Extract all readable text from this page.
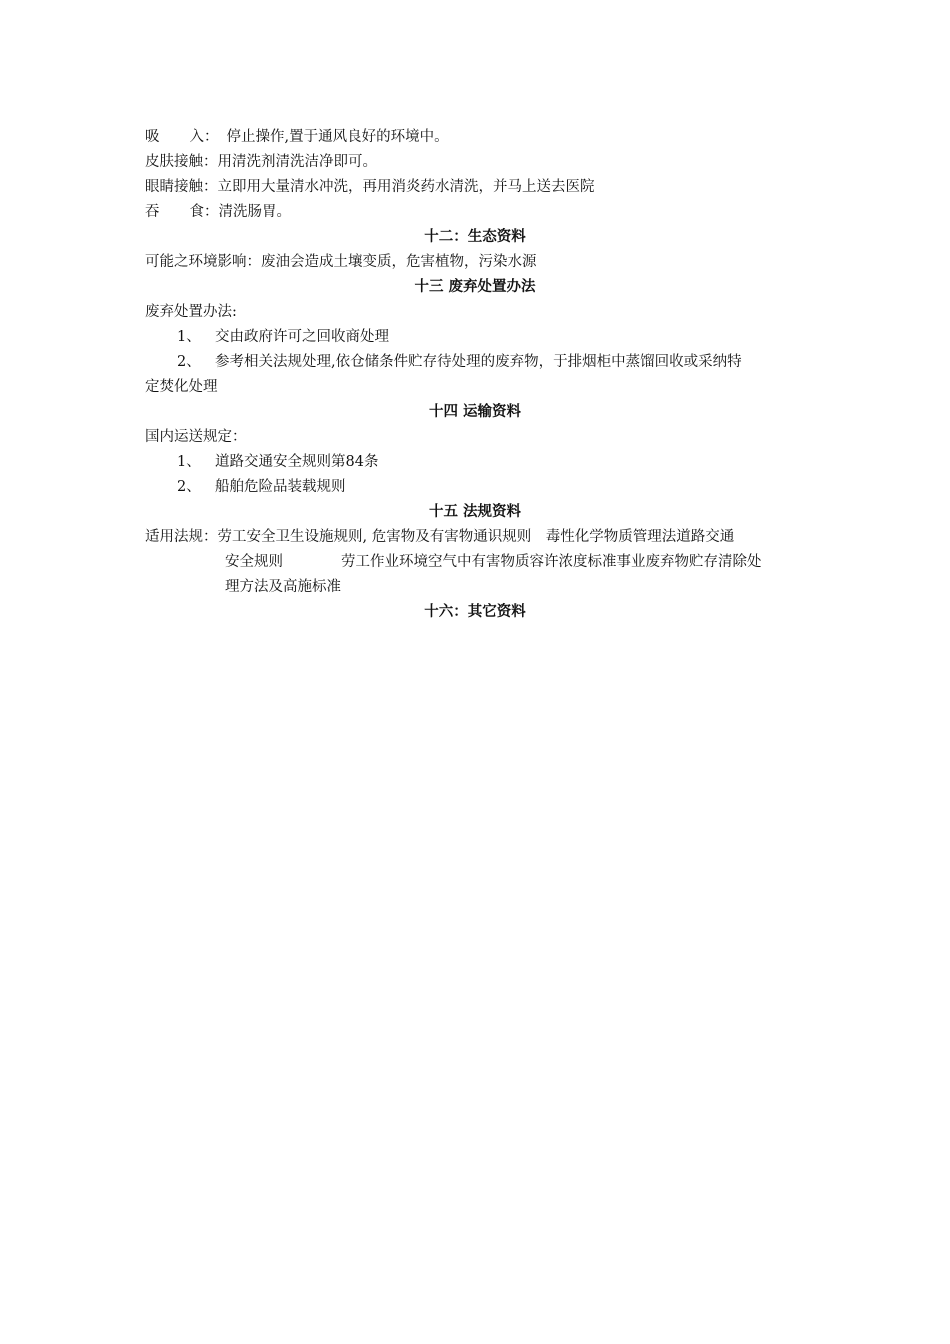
吸 入： 停止操作,置于通风良好的环境中。
皮肤接触：用清洗剂清洗洁净即可。
眼睛接触：立即用大量清水冲洗，再用消炎药水清洗，并马上送去医院
吞 食：清洗肠胃。
十二：生态资料
可能之环境影响：废油会造成土壤变质，危害植物，污染水源
十三 废弃处置办法
废弃处置办法:
1、 交由政府许可之回收商处理
2、 参考相关法规处理,依仓储条件贮存待处理的废弃物，于排烟柜中蒸馏回收或采纳特
定焚化处理
十四 运输资料
国内运送规定：
1、 道路交通安全规则第84条
2、 船舶危险品装载规则
十五 法规资料
适用法规：劳工安全卫生设施规则, 危害物及有害物通识规则　毒性化学物质管理法道路交通
安全规则	劳工作业环境空气中有害物质容许浓度标准事业废弃物贮存清除处
理方法及高施标准
十六：其它资料
